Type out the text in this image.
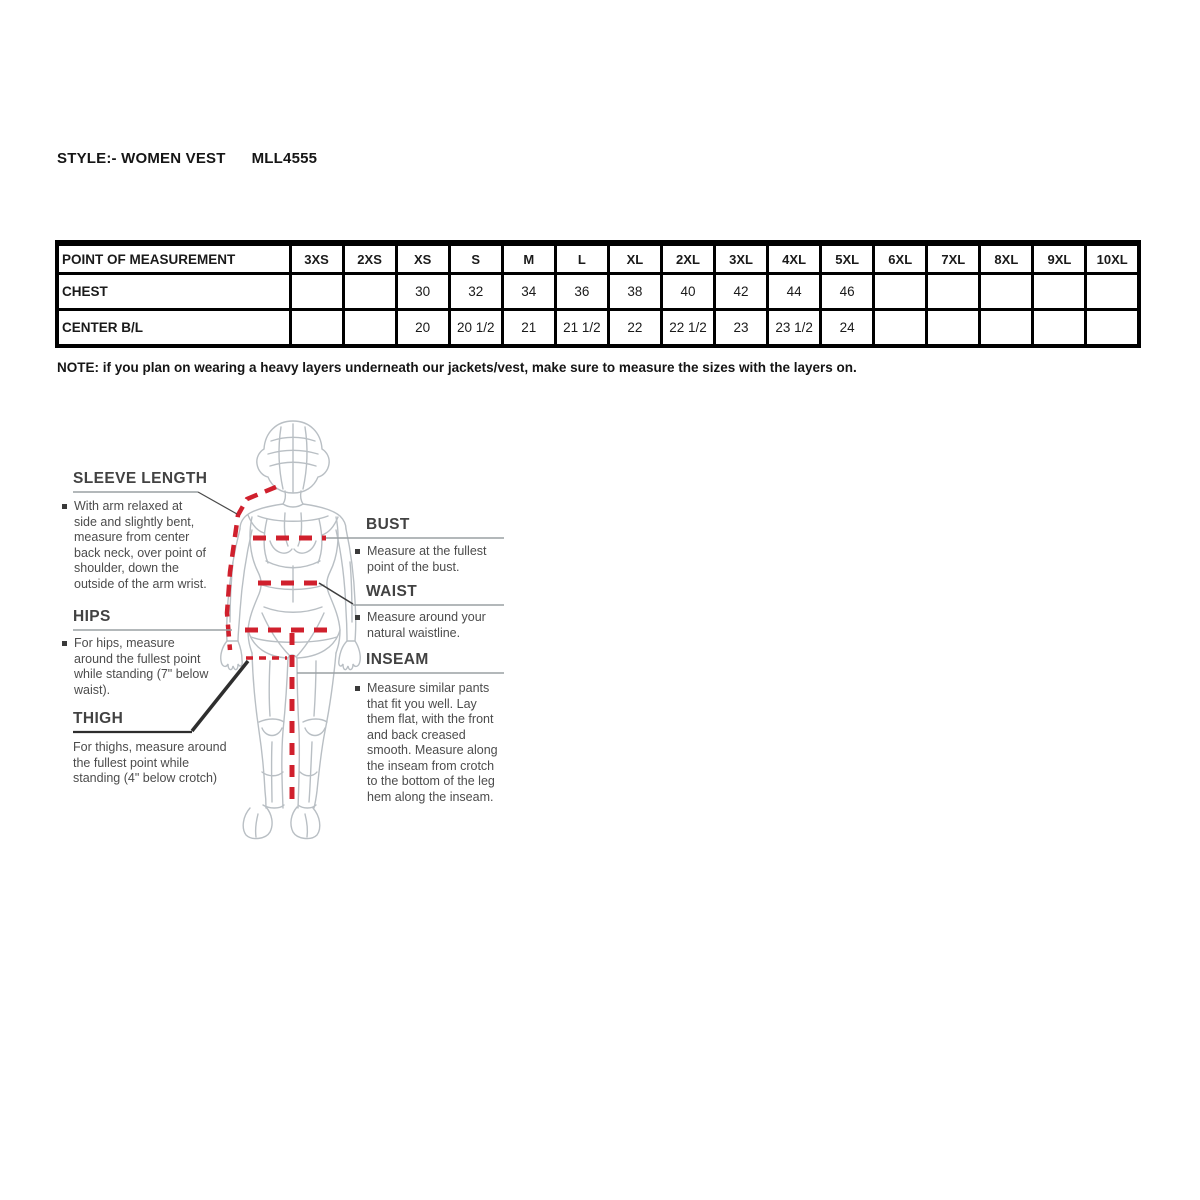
STYLE:- WOMEN VEST MLL4555
POINT OF MEASUREMENT	3XS	2XS	XS	S	M	L	XL	2XL	3XL	4XL	5XL	6XL	7XL	8XL	9XL	10XL
CHEST			30	32	34	36	38	40	42	44	46					
CENTER B/L			20	20 1/2	21	21 1/2	22	22 1/2	23	23 1/2	24					
NOTE: if you plan on wearing a heavy layers underneath our jackets/vest, make sure to measure the sizes with the layers on.
SLEEVE LENGTH
With arm relaxed at side and slightly bent, measure from center back neck, over point of shoulder, down the outside of the arm wrist.
HIPS
For hips, measure around the fullest point while standing (7" below waist).
THIGH
For thighs, measure around the fullest point while standing (4" below crotch)
BUST
Measure at the fullest point of the bust.
WAIST
Measure around your natural waistline.
INSEAM
Measure similar pants that fit you well. Lay them flat, with the front and back creased smooth. Measure along the inseam from crotch to the bottom of the leg hem along the inseam.
